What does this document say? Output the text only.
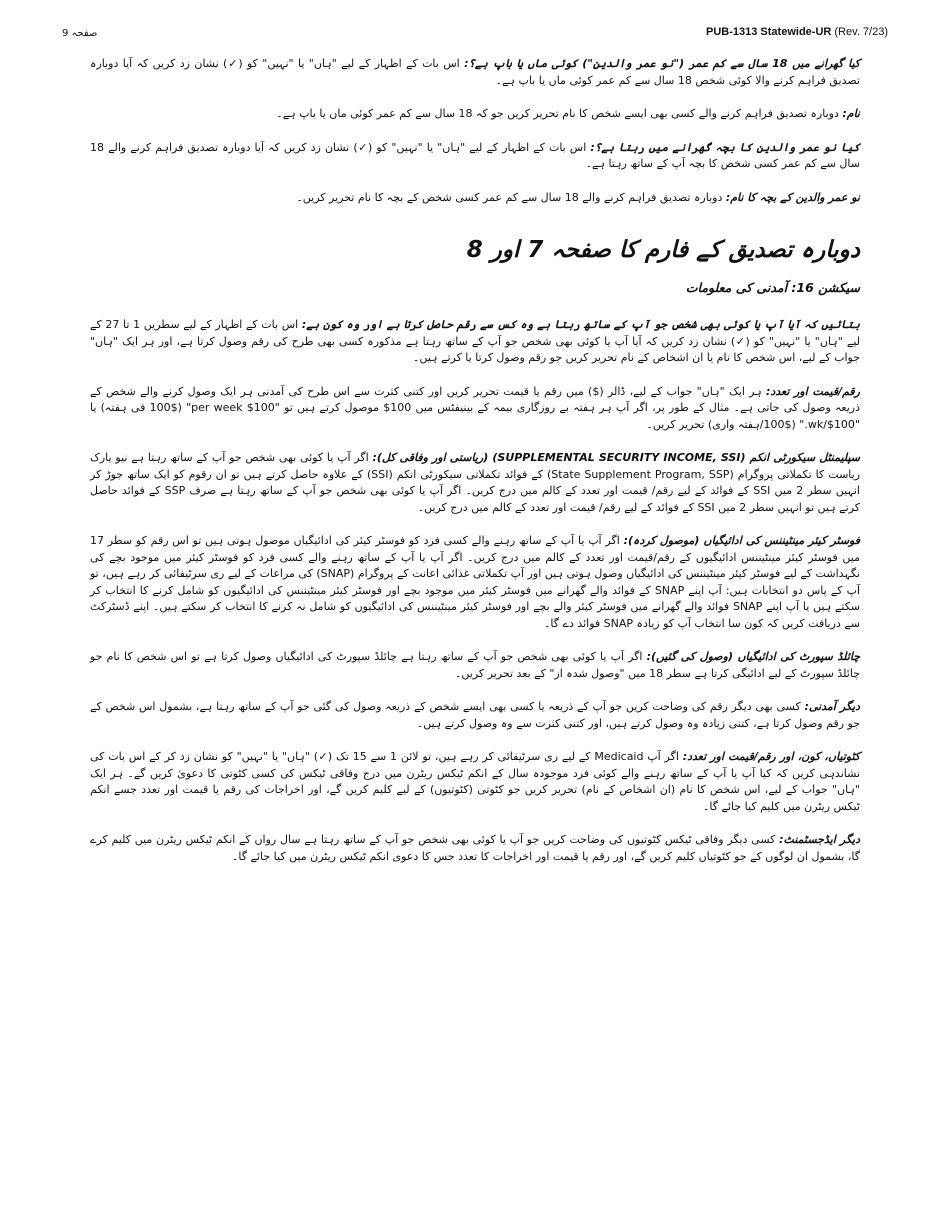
صفحہ 9	PUB-1313 Statewide-UR (Rev. 7/23)

کیا گھرانے میں 18 سال سے کم عمر ("نو عمر والدین") کوئی ماں یا باپ ہے؟: اس بات کے اظہار کے لیے "ہاں" یا "نہیں" کو (✓) نشان زد کریں کہ آیا دوبارہ تصدیق فراہم کرنے والا کوئی شخص 18 سال سے کم عمر کوئی ماں یا باپ ہے۔

نام: دوبارہ تصدیق فراہم کرنے والے کسی بھی ایسے شخص کا نام تحریر کریں جو کہ 18 سال سے کم عمر کوئی ماں یا باپ ہے۔

کیا نو عمر والدین کا بچہ گھرانے میں رہتا ہے؟: اس بات کے اظہار کے لیے "ہاں" یا "نہیں" کو (✓) نشان زد کریں کہ آیا دوبارہ تصدیق فراہم کرنے والے 18 سال سے کم عمر کسی شخص کا بچہ آپ کے ساتھ رہتا ہے۔

نو عمر والدین کے بچہ کا نام: دوبارہ تصدیق فراہم کرنے والے 18 سال سے کم عمر کسی شخص کے بچہ کا نام تحریر کریں۔

دوبارہ تصدیق کے فارم کا صفحہ 7 اور 8
سیکشن 16: آمدنی کی معلومات

بتائیں کہ آیا آپ یا کوئی بھی شخص جو آپ کے ساتھ رہتا ہے وہ کس سے رقم حاصل کرتا ہے اور وہ کون ہے: اس بات کے اظہار کے لیے سطریں 1 تا 27 کے لیے "ہاں" یا "نہیں" کو (✓) نشان زد کریں کہ آیا آپ یا کوئی بھی شخص جو آپ کے ساتھ رہتا ہے مذکورہ کسی بھی طرح کی رقم وصول کرتا ہے، اور ہر ایک "ہاں" جواب کے لیے، اس شخص کا نام یا ان اشخاص کے نام تحریر کریں جو رقم وصول کرتا یا کرتے ہیں۔

رقم/قیمت اور تعدد: ہر ایک "ہاں" جواب کے لیے، ڈالر ($) میں رقم یا قیمت تحریر کریں اور کتنی کثرت سے اس طرح کی آمدنی ہر ایک وصول کرنے والے شخص کے ذریعہ وصول کی جاتی ہے۔ مثال کے طور پر، اگر آپ ہر ہفتہ بے روزگاری بیمہ کے بینیفٹس میں 100$ موصول کرتے ہیں تو "100$ per week" (100$ فی ہفتہ) یا "100$/wk." (100$/ہفتہ واری) تحریر کریں۔

سپلیمنٹل سیکورٹی انکم (SUPPLEMENTAL SECURITY INCOME, SSI) (ریاستی اور وفاقی کل): اگر آپ یا کوئی بھی شخص جو آپ کے ساتھ رہتا ہے نیو یارک ریاست کا تکملاتی پروگرام (State Supplement Program, SSP) کے فوائد تکملاتی سیکورٹی انکم (SSI) کے علاوہ حاصل کرتے ہیں تو ان رقوم کو ایک ساتھ جوڑ کر انہیں سطر 2 میں SSI کے فوائد کے لیے رقم/ قیمت اور تعدد کے کالم میں درج کریں۔ اگر آپ یا کوئی بھی شخص جو آپ کے ساتھ رہتا ہے صرف SSP کے فوائد حاصل کرتے ہیں تو انہیں سطر 2 میں SSI کے فوائد کے لیے رقم/ قیمت اور تعدد کے کالم میں درج کریں۔

فوسٹر کیئر مینٹیننس کی ادائیگیاں (موصول کردہ): اگر آپ یا آپ کے ساتھ رہنے والے کسی فرد کو فوسٹر کیئر کی ادائیگیاں موصول ہوتی ہیں تو اس رقم کو سطر 17 میں فوسٹر کیئر مینٹیننس ادائیگیوں کے رقم/قیمت اور تعدد کے کالم میں درج کریں۔ اگر آپ یا آپ کے ساتھ رہنے والے کسی فرد کو فوسٹر کیئر میں موجود بچے کی نگہداشت کے لیے فوسٹر کیئر مینٹیننس کی ادائیگیاں وصول ہوتی ہیں اور آپ تکملاتی غذائی اعانت کے پروگرام (SNAP) کی مراعات کے لیے ری سرٹیفائی کر رہے ہیں، تو آپ کے پاس دو انتخابات ہیں: آپ اپنے SNAP کے فوائد والے گھرانے میں فوسٹر کیئر میں موجود بچے اور فوسٹر کیئر مینٹیننس کی ادائیگیوں کو شامل کرنے کا انتخاب کر سکتے ہیں یا آپ اپنے SNAP فوائد والے گھرانے میں فوسٹر کیئر والے بچے اور فوسٹر کیئر مینٹیننس کی ادائیگیوں کو شامل نہ کرنے کا انتخاب کر سکتے ہیں۔ اپنے ڈسٹرکٹ سے دریافت کریں کہ کون سا انتخاب آپ کو زیادہ SNAP فوائد دے گا۔

چائلڈ سپورٹ کی ادائیگیاں (وصول کی گئیں): اگر آپ یا کوئی بھی شخص جو آپ کے ساتھ رہتا ہے چائلڈ سپورٹ کی ادائیگیاں وصول کرتا ہے تو اس شخص کا نام جو چائلڈ سپورٹ کے لیے ادائیگی کرتا ہے سطر 18 میں "وصول شدہ از" کے بعد تحریر کریں۔

دیگر آمدنی: کسی بھی دیگر رقم کی وضاحت کریں جو آپ کے ذریعہ یا کسی بھی ایسے شخص کے ذریعہ وصول کی گئی جو آپ کے ساتھ رہتا ہے، بشمول اس شخص کے جو رقم وصول کرتا ہے، کتنی زیادہ وہ وصول کرتے ہیں، اور کتنی کثرت سے وہ وصول کرتے ہیں۔

کٹوتیاں، کون، اور رقم/قیمت اور تعدد: اگر آپ Medicaid کے لیے ری سرٹیفائی کر رہے ہیں، تو لائن 1 سے 15 تک (✓) "ہاں" یا "نہیں" کو نشان زد کر کے اس بات کی نشاندہی کریں کہ کیا آپ یا آپ کے ساتھ رہنے والے کوئی فرد موجودہ سال کے انکم ٹیکس ریٹرن میں درج وفاقی ٹیکس کی کسی کٹوتی کا دعویٰ کریں گے۔ ہر ایک "ہاں" جواب کے لیے، اس شخص کا نام (ان اشخاص کے نام) تحریر کریں جو کٹوتی (کٹوتیوں) کے لیے کلیم کریں گے، اور اخراجات کی رقم یا قیمت اور تعدد جسے انکم ٹیکس ریٹرن میں کلیم کیا جائے گا۔

دیگر ایڈجسٹمنٹ: کسی دیگر وفاقی ٹیکس کٹوتیوں کی وضاحت کریں جو آپ یا کوئی بھی شخص جو آپ کے ساتھ رہتا ہے سال رواں کے انکم ٹیکس ریٹرن میں کلیم کرے گا، بشمول ان لوگوں کے جو کٹوتیاں کلیم کریں گے، اور رقم یا قیمت اور اخراجات کا تعدد جس کا دعوی انکم ٹیکس ریٹرن میں کیا جائے گا۔
